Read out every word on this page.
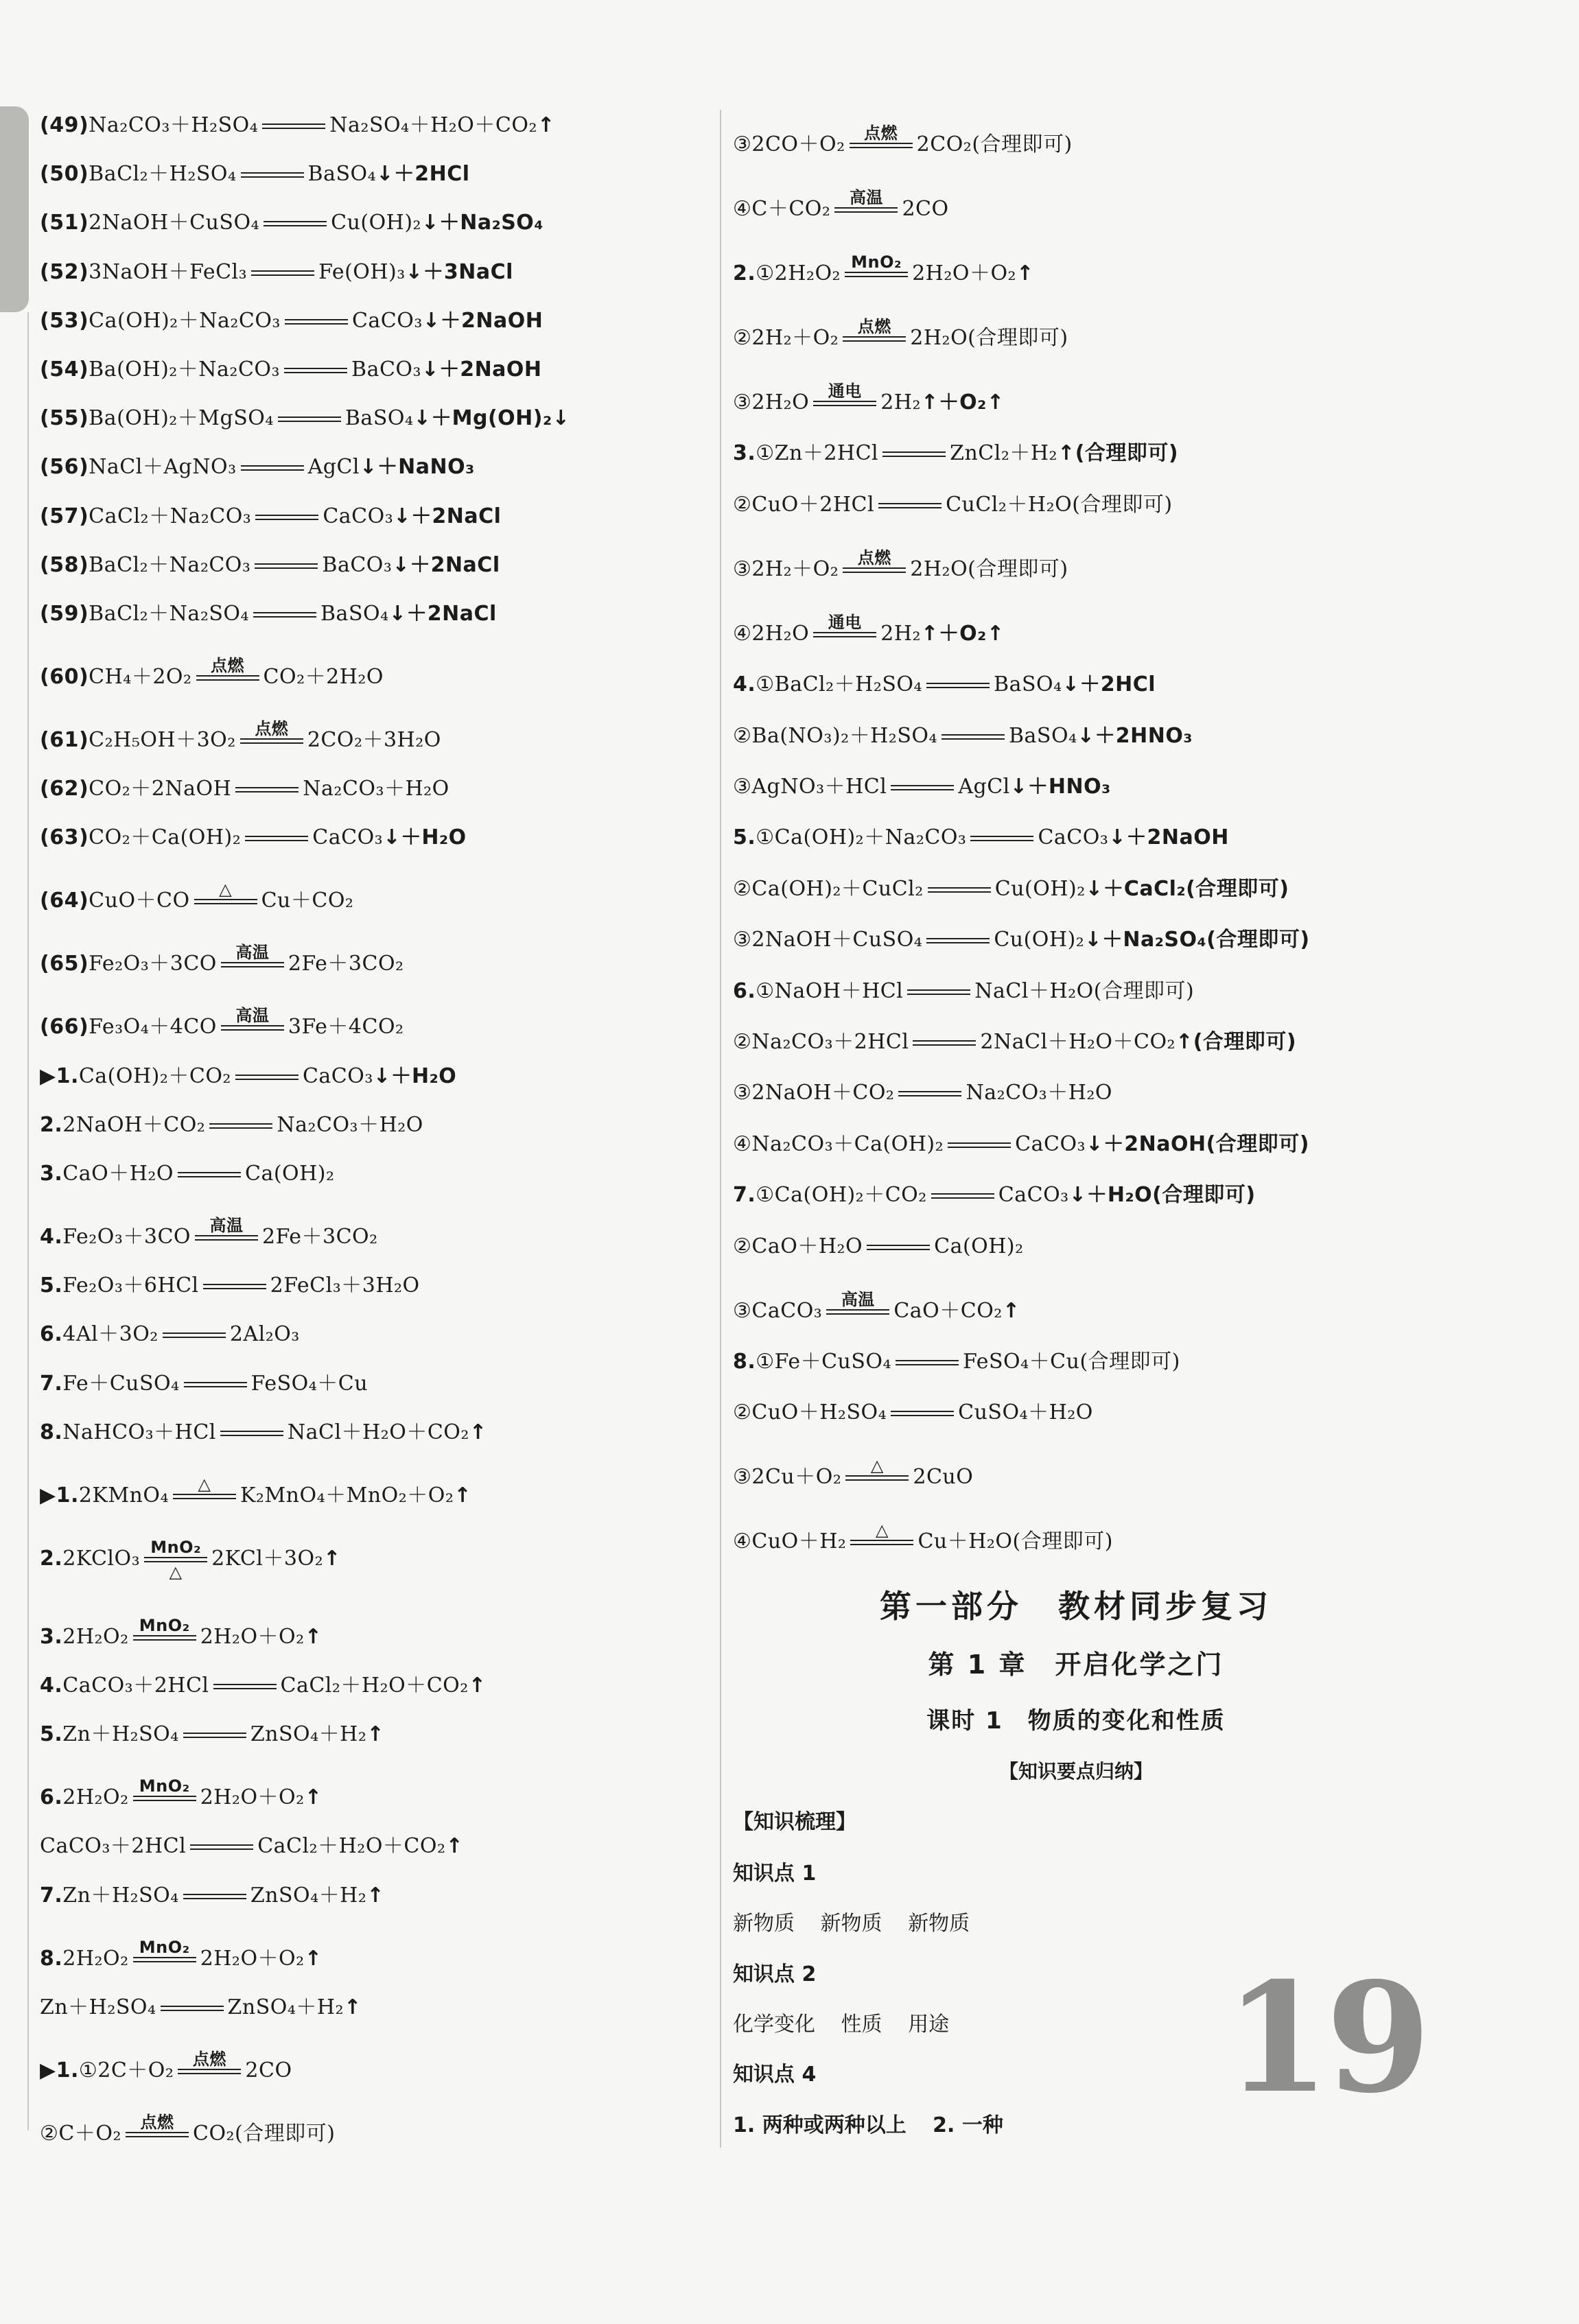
(49)Na₂CO₃＋H₂SO₄	Na₂SO₄＋H₂O＋CO₂↑
(50)BaCl₂＋H₂SO₄	BaSO₄↓＋2HCl
(51)2NaOH＋CuSO₄	Cu(OH)₂↓＋Na₂SO₄
(52)3NaOH＋FeCl₃	Fe(OH)₃↓＋3NaCl
(53)Ca(OH)₂＋Na₂CO₃	CaCO₃↓＋2NaOH
(54)Ba(OH)₂＋Na₂CO₃	BaCO₃↓＋2NaOH
(55)Ba(OH)₂＋MgSO₄	BaSO₄↓＋Mg(OH)₂↓
(56)NaCl＋AgNO₃	AgCl↓＋NaNO₃
(57)CaCl₂＋Na₂CO₃	CaCO₃↓＋2NaCl
(58)BaCl₂＋Na₂CO₃	BaCO₃↓＋2NaCl
(59)BaCl₂＋Na₂SO₄	BaSO₄↓＋2NaCl
(60)CH₄＋2O₂	点燃 CO₂＋2H₂O
(61)C₂H₅OH＋3O₂	点燃 2CO₂＋3H₂O
(62)CO₂＋2NaOH	Na₂CO₃＋H₂O
(63)CO₂＋Ca(OH)₂	CaCO₃↓＋H₂O
(64)CuO＋CO	△	Cu＋CO₂
(65)Fe₂O₃＋3CO	高温 2Fe＋3CO₂
(66)Fe₃O₄＋4CO	高温 3Fe＋4CO₂
▶1.Ca(OH)₂＋CO₂	CaCO₃↓＋H₂O
2.2NaOH＋CO₂	Na₂CO₃＋H₂O
3.CaO＋H₂O	Ca(OH)₂
4.Fe₂O₃＋3CO	高温 2Fe＋3CO₂
5.Fe₂O₃＋6HCl	2FeCl₃＋3H₂O
6.4Al＋3O₂	2Al₂O₃
7.Fe＋CuSO₄	FeSO₄＋Cu
8.NaHCO₃＋HCl	NaCl＋H₂O＋CO₂↑
▶1.2KMnO₄	△	K₂MnO₄＋MnO₂＋O₂↑
2.2KClO₃ MnO₂
△
2KCl＋3O₂↑
3.2H₂O₂ MnO₂ 2H₂O＋O₂↑
4.CaCO₃＋2HCl	CaCl₂＋H₂O＋CO₂↑
5.Zn＋H₂SO₄	ZnSO₄＋H₂↑
6.2H₂O₂ MnO₂ 2H₂O＋O₂↑
CaCO₃＋2HCl	CaCl₂＋H₂O＋CO₂↑
7.Zn＋H₂SO₄	ZnSO₄＋H₂↑
8.2H₂O₂ MnO₂ 2H₂O＋O₂↑
Zn＋H₂SO₄	ZnSO₄＋H₂↑
▶1.①2C＋O₂	点燃 2CO
②C＋O₂	点燃 CO₂(合理即可)
③2CO＋O₂	点燃 2CO₂(合理即可)
④C＋CO₂	高温 2CO
2.①2H₂O₂ MnO₂ 2H₂O＋O₂↑
②2H₂＋O₂	点燃 2H₂O(合理即可)
③2H₂O	通电 2H₂↑＋O₂↑
3.①Zn＋2HCl	ZnCl₂＋H₂↑(合理即可)
②CuO＋2HCl	CuCl₂＋H₂O(合理即可)
③2H₂＋O₂	点燃 2H₂O(合理即可)
④2H₂O	通电 2H₂↑＋O₂↑
4.①BaCl₂＋H₂SO₄	BaSO₄↓＋2HCl
②Ba(NO₃)₂＋H₂SO₄	BaSO₄↓＋2HNO₃
③AgNO₃＋HCl	AgCl↓＋HNO₃
5.①Ca(OH)₂＋Na₂CO₃	CaCO₃↓＋2NaOH
②Ca(OH)₂＋CuCl₂	Cu(OH)₂↓＋CaCl₂(合理即可)
③2NaOH＋CuSO₄	Cu(OH)₂↓＋Na₂SO₄(合理即可)
6.①NaOH＋HCl	NaCl＋H₂O(合理即可)
②Na₂CO₃＋2HCl	2NaCl＋H₂O＋CO₂↑(合理即可)
③2NaOH＋CO₂	Na₂CO₃＋H₂O
④Na₂CO₃＋Ca(OH)₂	CaCO₃↓＋2NaOH(合理即可)
7.①Ca(OH)₂＋CO₂	CaCO₃↓＋H₂O(合理即可)
②CaO＋H₂O	Ca(OH)₂
③CaCO₃	高温 CaO＋CO₂↑
8.①Fe＋CuSO₄	FeSO₄＋Cu(合理即可)
②CuO＋H₂SO₄	CuSO₄＋H₂O
③2Cu＋O₂	△	2CuO
④CuO＋H₂	△	Cu＋H₂O(合理即可)
第一部分　教材同步复习
第 1 章　开启化学之门
课时 1　物质的变化和性质
【知识要点归纳】
【知识梳理】
知识点 1
新物质 新物质 新物质
知识点 2
化学变化 性质 用途
知识点 4
1. 两种或两种以上 2. 一种 19
